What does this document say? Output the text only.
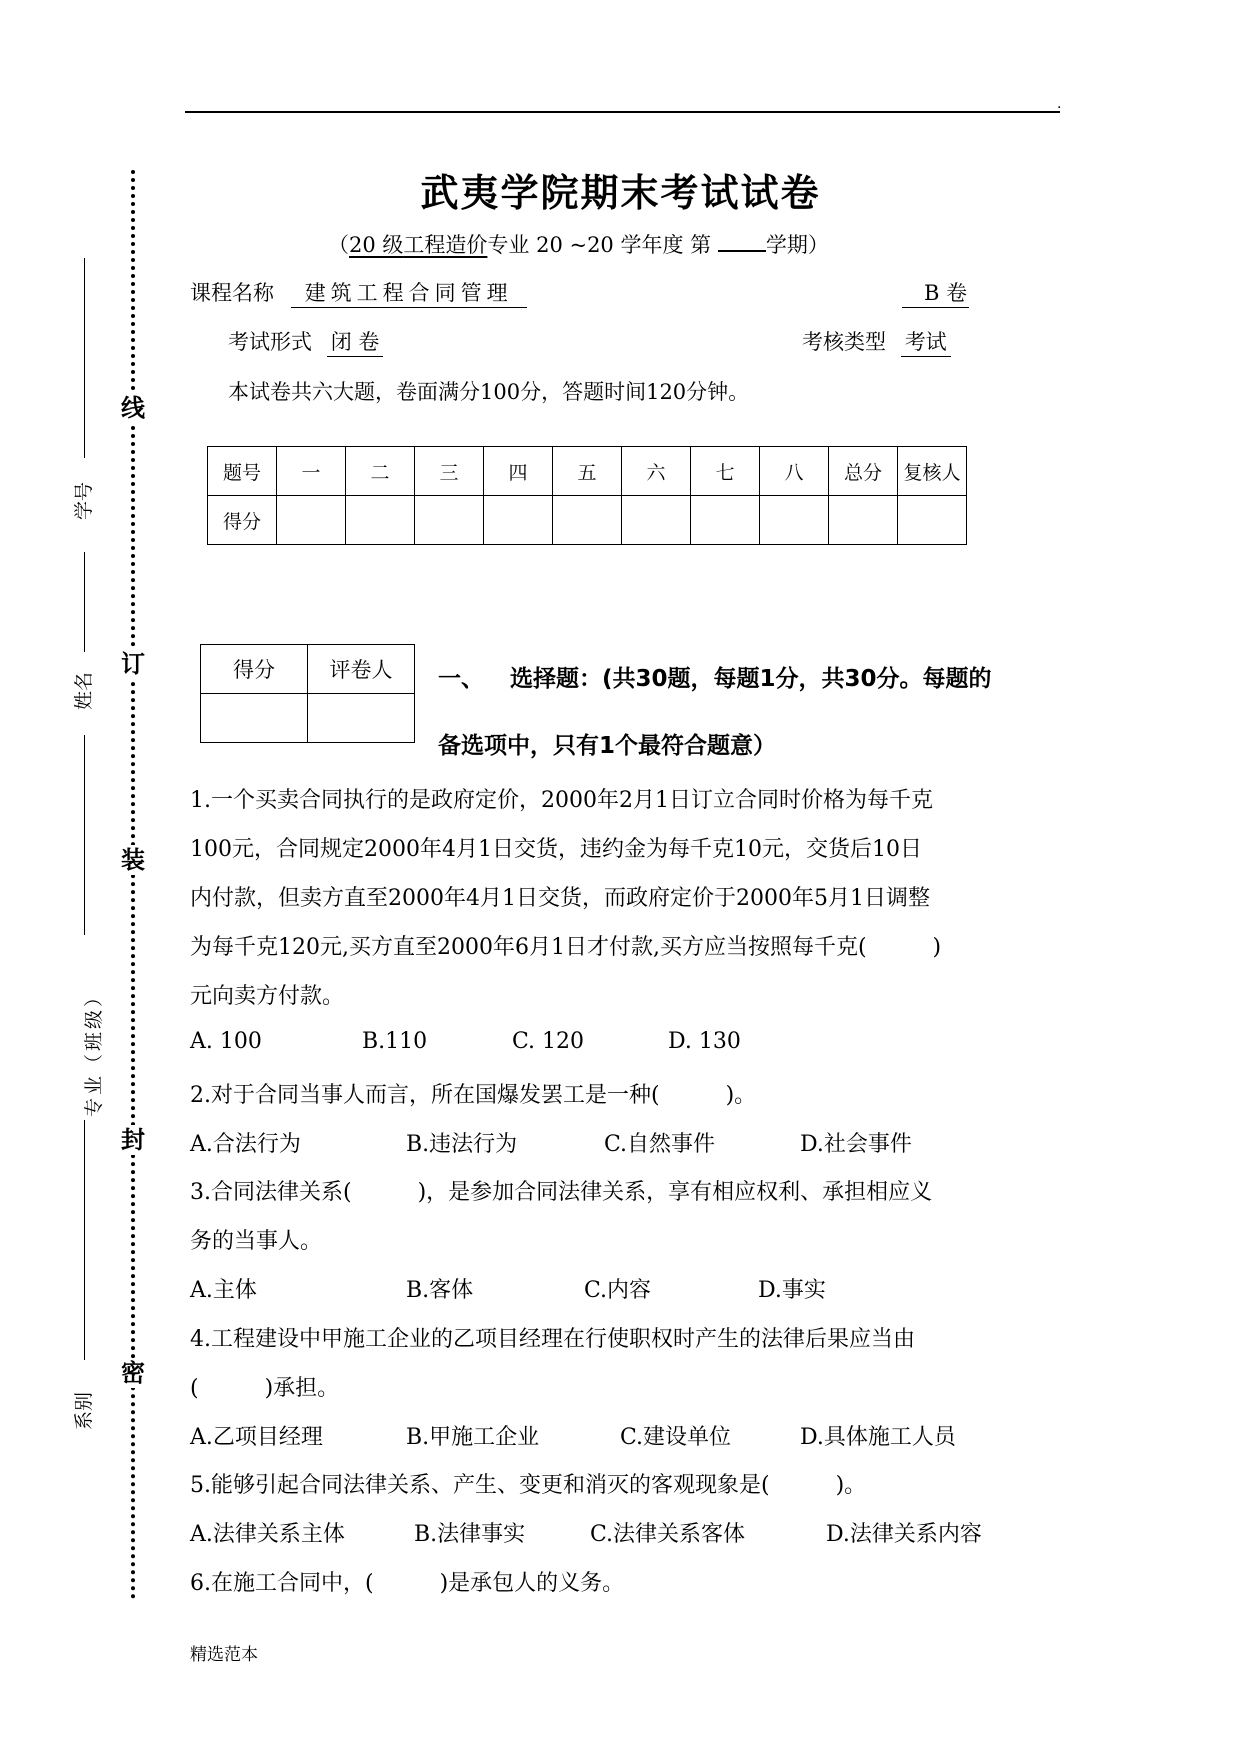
.
线
订
装
封
密
学号
姓名
专业（班级）
系别
武夷学院期末考试试卷
（20 级工程造价专业 20 ~20 学年度 第 学期）
课程名称 建筑工程合同管理	B 卷
考试形式 闭 卷	考核类型 考试
本试卷共六大题，卷面满分100分，答题时间120分钟。
题号	一	二	三	四	五	六	七	八	总分	复核人
得分										
得分	评卷人
	一、 选择题：(共30题，每题1分，共30分。每题的
备选项中，只有1个最符合题意）
1.一个买卖合同执行的是政府定价，2000年2月1日订立合同时价格为每千克
100元，合同规定2000年4月1日交货，违约金为每千克10元，交货后10日
内付款，但卖方直至2000年4月1日交货，而政府定价于2000年5月1日调整
为每千克120元,买方直至2000年6月1日才付款,买方应当按照每千克(　　　)
元向卖方付款。
A. 100	B.110	C. 120	D. 130
2.对于合同当事人而言，所在国爆发罢工是一种(　　　)。
A.合法行为	B.违法行为	C.自然事件	D.社会事件
3.合同法律关系(　　　)，是参加合同法律关系，享有相应权利、承担相应义
务的当事人。
A.主体	B.客体	C.内容	D.事实
4.工程建设中甲施工企业的乙项目经理在行使职权时产生的法律后果应当由
(　　　)承担。
A.乙项目经理	B.甲施工企业	C.建设单位	D.具体施工人员
5.能够引起合同法律关系、产生、变更和消灭的客观现象是(　　　)。
A.法律关系主体	B.法律事实	C.法律关系客体	D.法律关系内容
6.在施工合同中，(　　　)是承包人的义务。
精选范本
